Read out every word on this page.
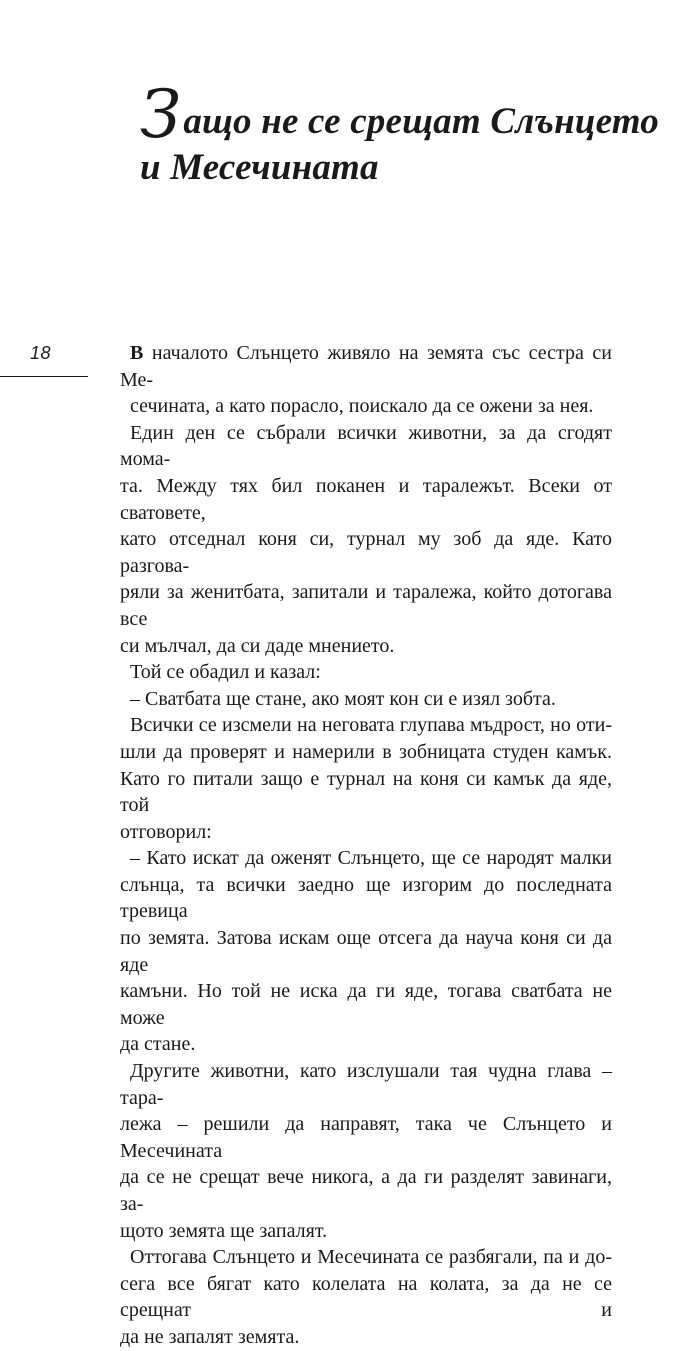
Защо не се срещат Слънцето
и Месечината
18	В началото Слънцето живяло на земята със сестра си Ме-
сечината, а като порасло, поискало да се ожени за нея.

Един ден се събрали всички животни, за да сгодят мома-
та. Между тях бил поканен и таралежът. Всеки от сватовете,
като отседнал коня си, турнал му зоб да яде. Като разгова-
ряли за женитбата, запитали и таралежа, който дотогава все
си мълчал, да си даде мнението.

Той се обадил и казал:

– Сватбата ще стане, ако моят кон си е изял зобта.

Всички се изсмели на неговата глупава мъдрост, но оти-
шли да проверят и намерили в зобницата студен камък.
Като го питали защо е турнал на коня си камък да яде, той
отговорил:

– Като искат да оженят Слънцето, ще се народят малки
слънца, та всички заедно ще изгорим до последната тревица
по земята. Затова искам още отсега да науча коня си да яде
камъни. Но той не иска да ги яде, тогава сватбата не може
да стане.

Другите животни, като изслушали тая чудна глава – тара-
лежа – решили да направят, така че Слънцето и Месечината
да се не срещат вече никога, а да ги разделят завинаги, за-
щото земята ще запалят.

Оттогава Слънцето и Месечината се разбягали, па и до-
сега все бягат като колелата на колата, за да не се срещнат и
да не запалят земята.
